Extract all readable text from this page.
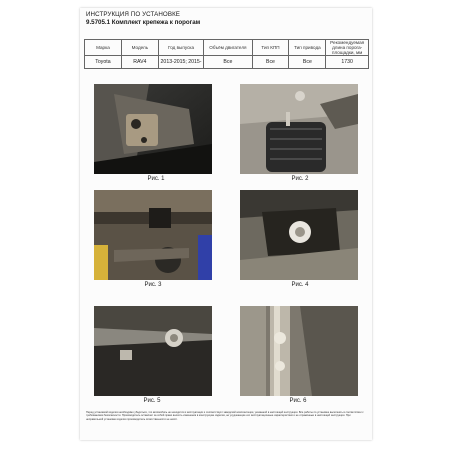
ИНСТРУКЦИЯ ПО УСТАНОВКЕ
9.5705.1 Комплект крепежа к порогам
Марка	Модель	Год выпуска	Объём двигателя	Тип КПП	Тип привода	Рекомендуемая длина порога-площадки, мм
Toyota	RAV4	2013-2015; 2015-	Все	Все	Все	1730
Рис. 1	Рис. 2
Рис. 3	Рис. 4
Рис. 5	Рис. 6
Перед установкой изделия необходимо убедиться, что автомобиль не находится в эксплуатации и соответствует заводской комплектации, указанной в настоящей инструкции. Все работы по установке выполнять в соответствии с требованиями безопасности. Производитель оставляет за собой право вносить изменения в конструкцию изделия, не ухудшающие его эксплуатационные характеристики и не отражённые в настоящей инструкции. При неправильной установке изделия производитель ответственности не несёт.
